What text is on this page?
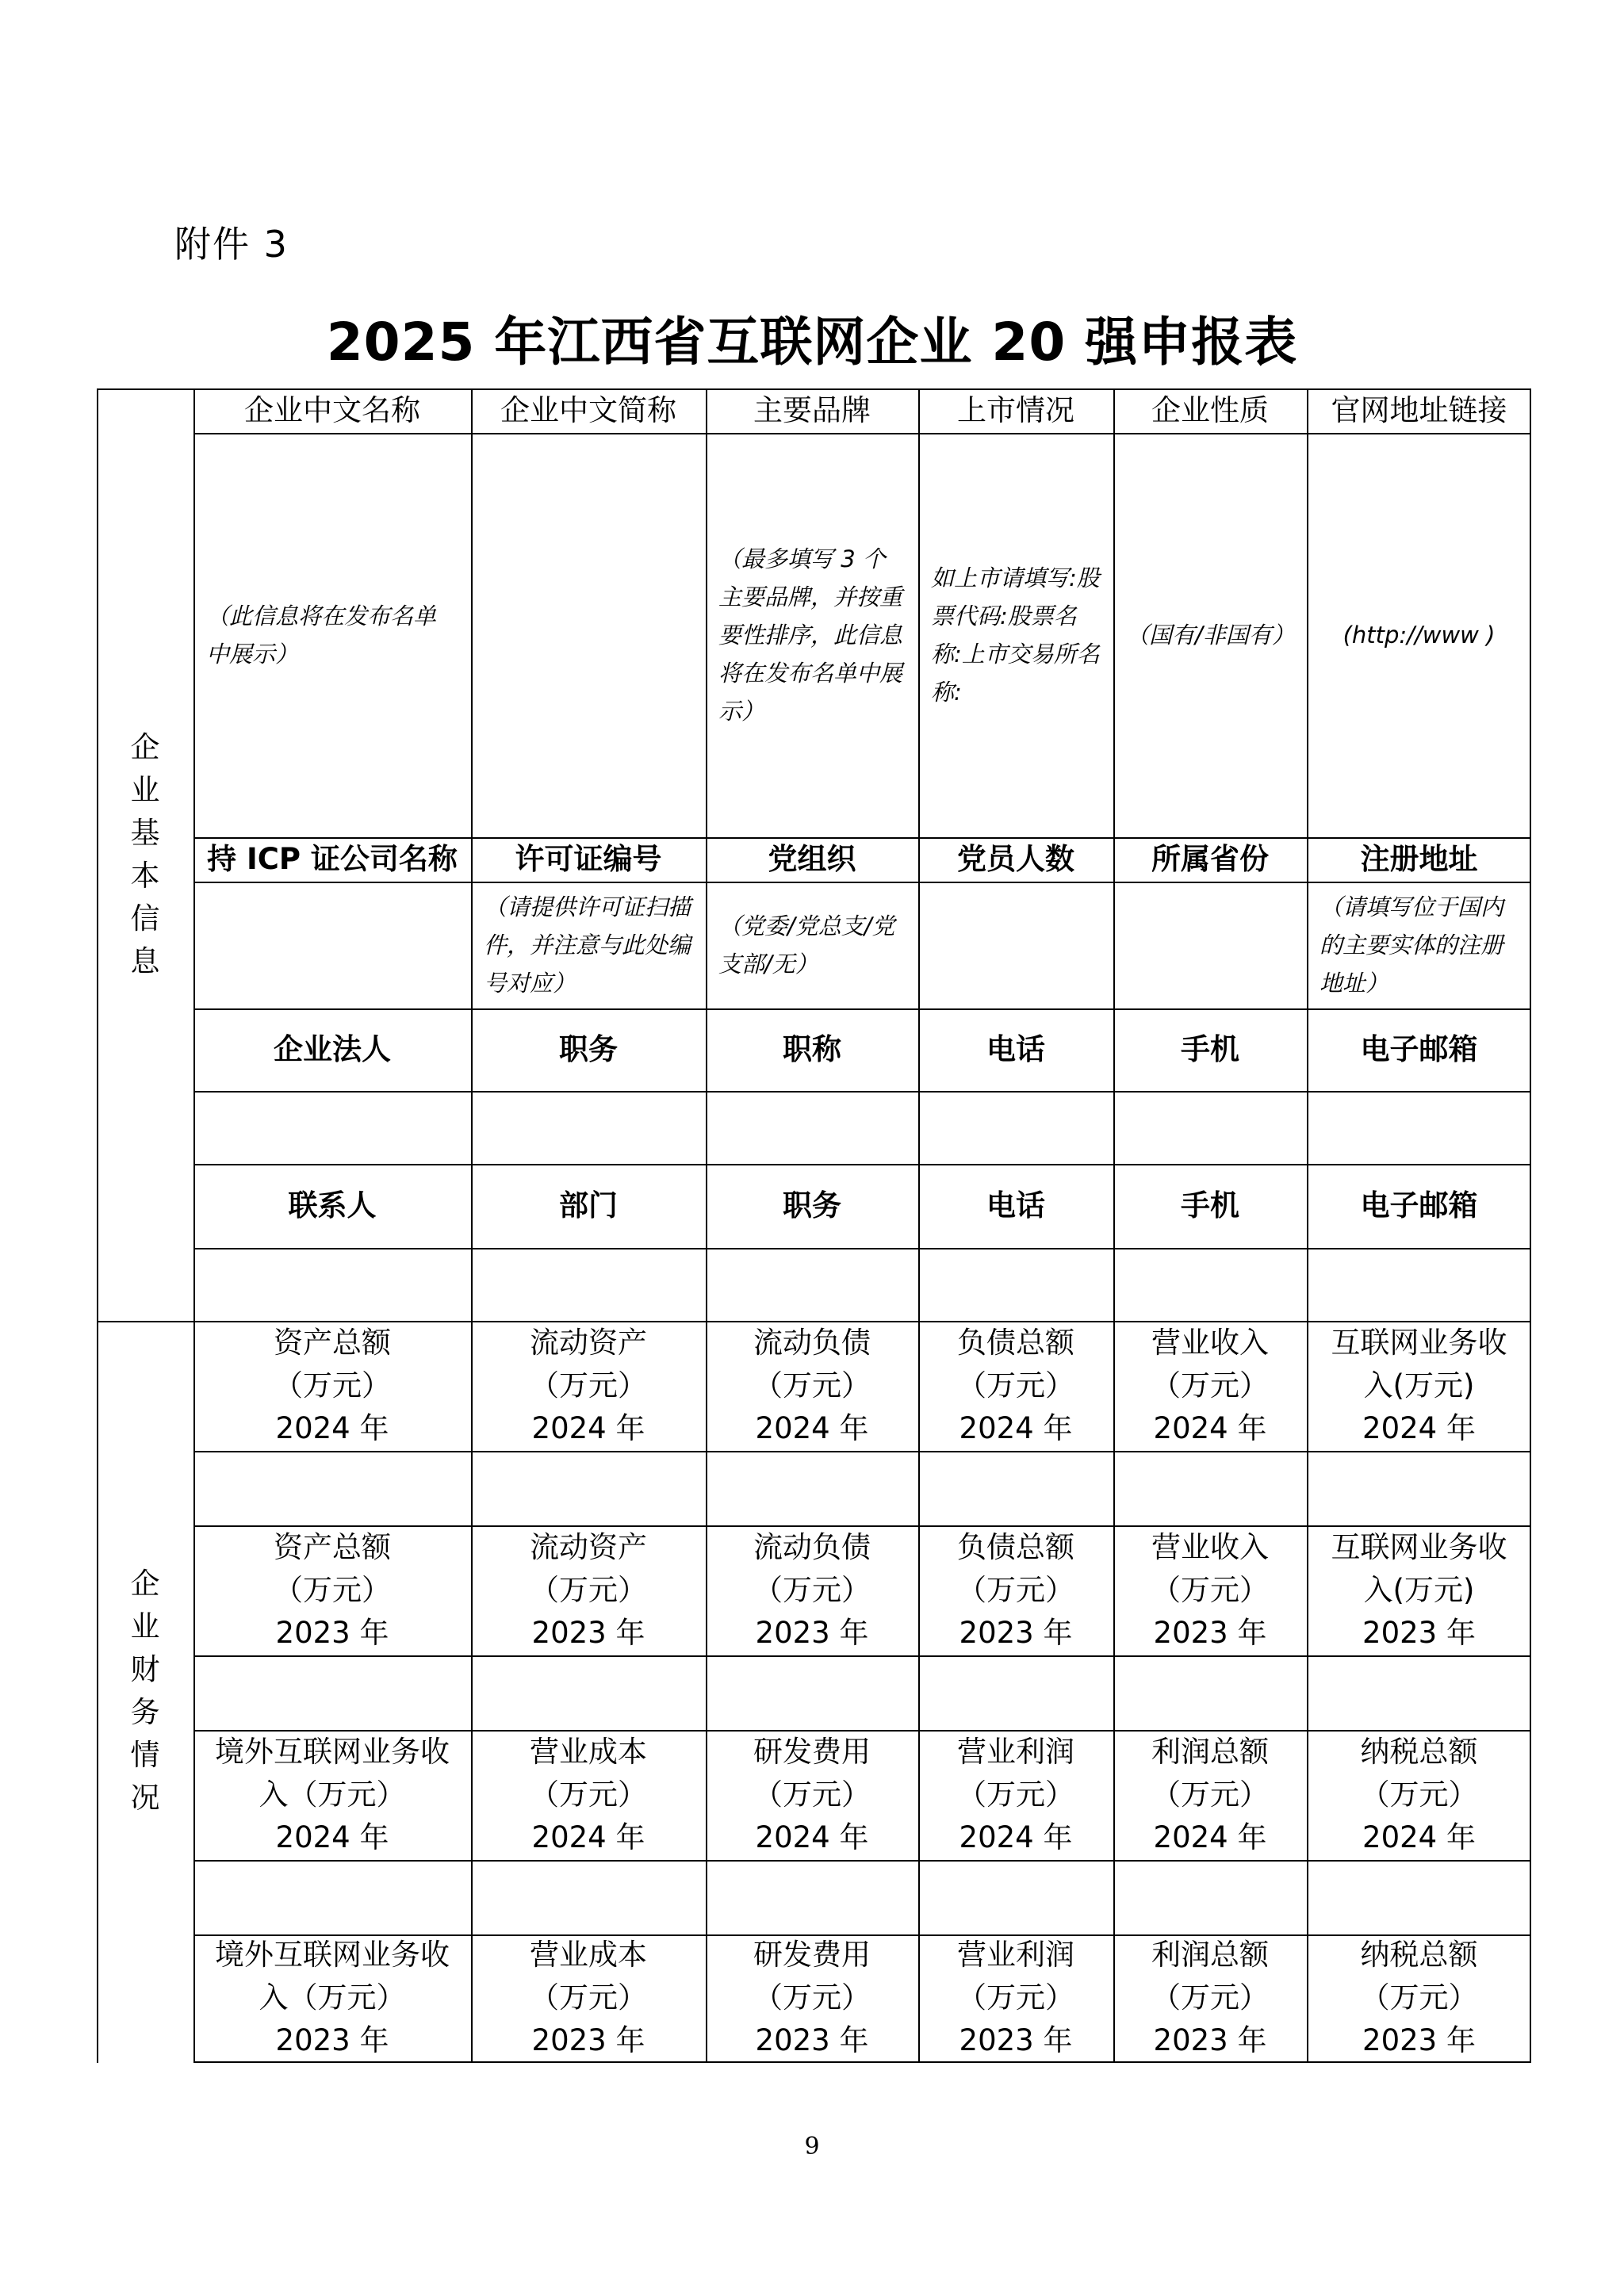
附件 3
2025 年江西省互联网企业 20 强申报表
企业基本信息
企业财务情况
企业中文名称
（此信息将在发布名单中展示）
持 ICP 证公司名称
企业法人
联系人
企业中文简称
许可证编号
（请提供许可证扫描件，并注意与此处编号对应）
职务
部门
主要品牌
（最多填写 3 个主要品牌，并按重要性排序，此信息将在发布名单中展示）
党组织
（党委/党总支/党支部/无）
职称
职务
上市情况
如上市请填写:股票代码:股票名称:上市交易所名称:
党员人数
电话
电话
企业性质
（国有/非国有）
所属省份
手机
手机
官网地址链接
(http://www )
注册地址
（请填写位于国内的主要实体的注册地址）
电子邮箱
电子邮箱
资产总额
（万元）
2024 年
流动资产
（万元）
2024 年
流动负债
（万元）
2024 年
负债总额
（万元）
2024 年
营业收入
（万元）
2024 年
互联网业务收
入(万元)
2024 年
资产总额
（万元）
2023 年
流动资产
（万元）
2023 年
流动负债
（万元）
2023 年
负债总额
（万元）
2023 年
营业收入
（万元）
2023 年
互联网业务收
入(万元)
2023 年
境外互联网业务收
入（万元）
2024 年
营业成本
（万元）
2024 年
研发费用
（万元）
2024 年
营业利润
（万元）
2024 年
利润总额
（万元）
2024 年
纳税总额
（万元）
2024 年
境外互联网业务收
入（万元）
2023 年
营业成本
（万元）
2023 年
研发费用
（万元）
2023 年
营业利润
（万元）
2023 年
利润总额
（万元）
2023 年
纳税总额
（万元）
2023 年
9
